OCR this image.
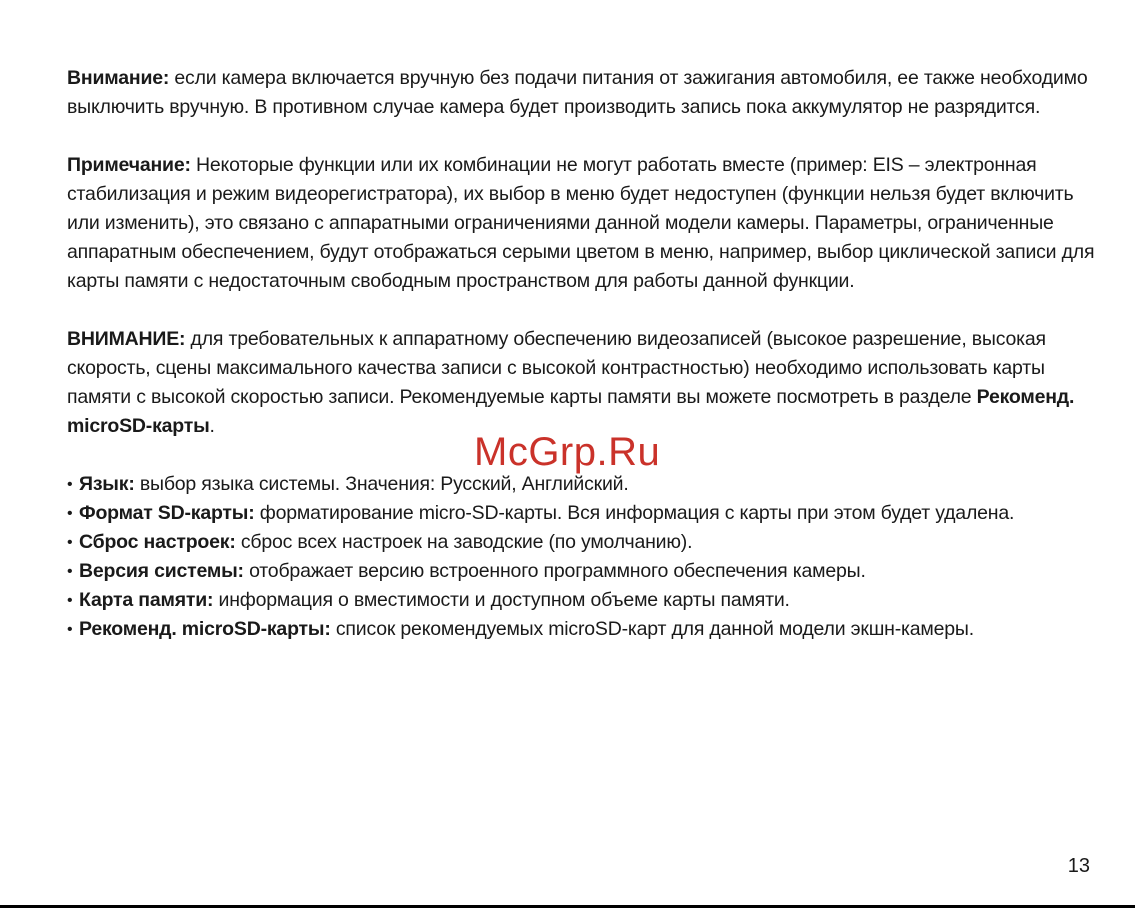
Внимание: если камера включается вручную без подачи питания от зажигания автомобиля, ее также необходимо выключить вручную. В противном случае камера будет производить запись пока аккумулятор не разрядится.

Примечание: Некоторые функции или их комбинации не могут работать вместе (пример: EIS – электронная стабилизация и режим видеорегистратора), их выбор в меню будет недоступен (функции нельзя будет включить или изменить), это связано с аппаратными ограничениями данной модели камеры. Параметры, ограниченные аппаратным обеспечением, будут отображаться серыми цветом в меню, например, выбор циклической записи для карты памяти с недостаточным свободным пространством для работы данной функции.

ВНИМАНИЕ: для требовательных к аппаратному обеспечению видеозаписей (высокое разрешение, высокая скорость, сцены максимального качества записи с высокой контрастностью) необходимо использовать карты памяти с высокой скоростью записи. Рекомендуемые карты памяти вы можете посмотреть в разделе Рекоменд. microSD-карты.

• Язык: выбор языка системы. Значения: Русский, Английский.
• Формат SD-карты: форматирование micro-SD-карты. Вся информация с карты при этом будет удалена.
• Сброс настроек: сброс всех настроек на заводские (по умолчанию).
• Версия системы: отображает версию встроенного программного обеспечения камеры.
• Карта памяти: информация о вместимости и доступном объеме карты памяти.
• Рекоменд. microSD-карты: список рекомендуемых microSD-карт для данной модели экшн-камеры.
McGrp.Ru
13
